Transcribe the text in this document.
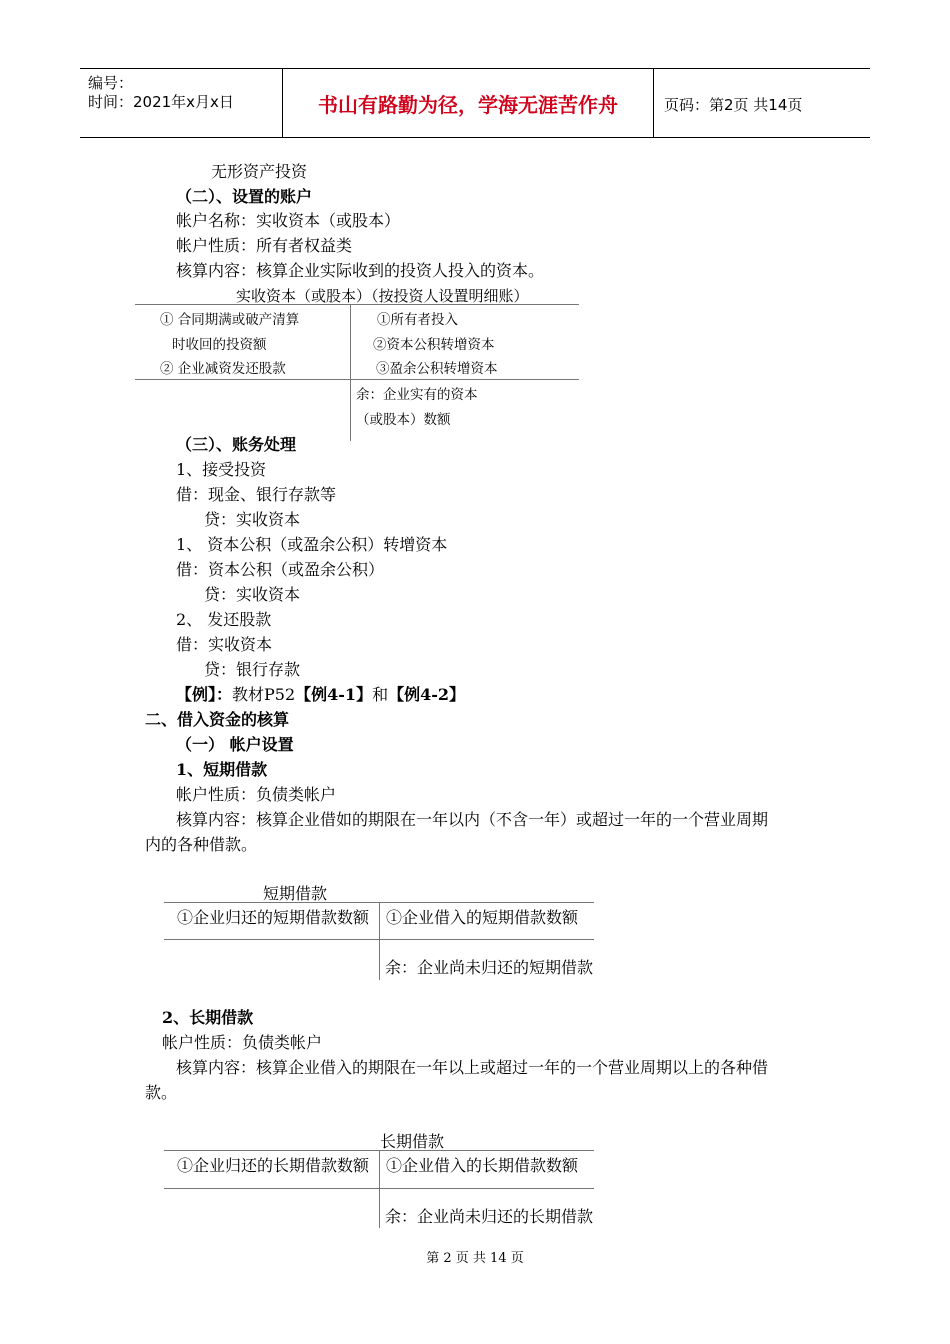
编号：
时间：2021年x月x日	书山有路勤为径，学海无涯苦作舟	页码：第2页 共14页
无形资产投资
（二）、设置的账户
帐户名称：实收资本（或股本）
帐户性质：所有者权益类
核算内容：核算企业实际收到的投资人投入的资本。
实收资本（或股本）（按投资人设置明细账）
① 合同期满或破产清算
时收回的投资额
② 企业减资发还股款
①所有者投入
②资本公积转增资本
③盈余公积转增资本
余：企业实有的资本
（或股本）数额
（三）、账务处理
1、接受投资
借：现金、银行存款等
贷：实收资本
1、 资本公积（或盈余公积）转增资本
借：资本公积（或盈余公积）
贷：实收资本
2、 发还股款
借：实收资本
贷：银行存款
【例】：教材P52【例4-1】和【例4-2】
二、借入资金的核算
（一） 帐户设置
1、短期借款
帐户性质：负债类帐户
核算内容：核算企业借如的期限在一年以内（不含一年）或超过一年的一个营业周期
内的各种借款。
短期借款
①企业归还的短期借款数额 ①企业借入的短期借款数额
余：企业尚未归还的短期借款
2、长期借款
帐户性质：负债类帐户
核算内容：核算企业借入的期限在一年以上或超过一年的一个营业周期以上的各种借
款。
长期借款
①企业归还的长期借款数额 ①企业借入的长期借款数额
余：企业尚未归还的长期借款
第 2 页 共 14 页
